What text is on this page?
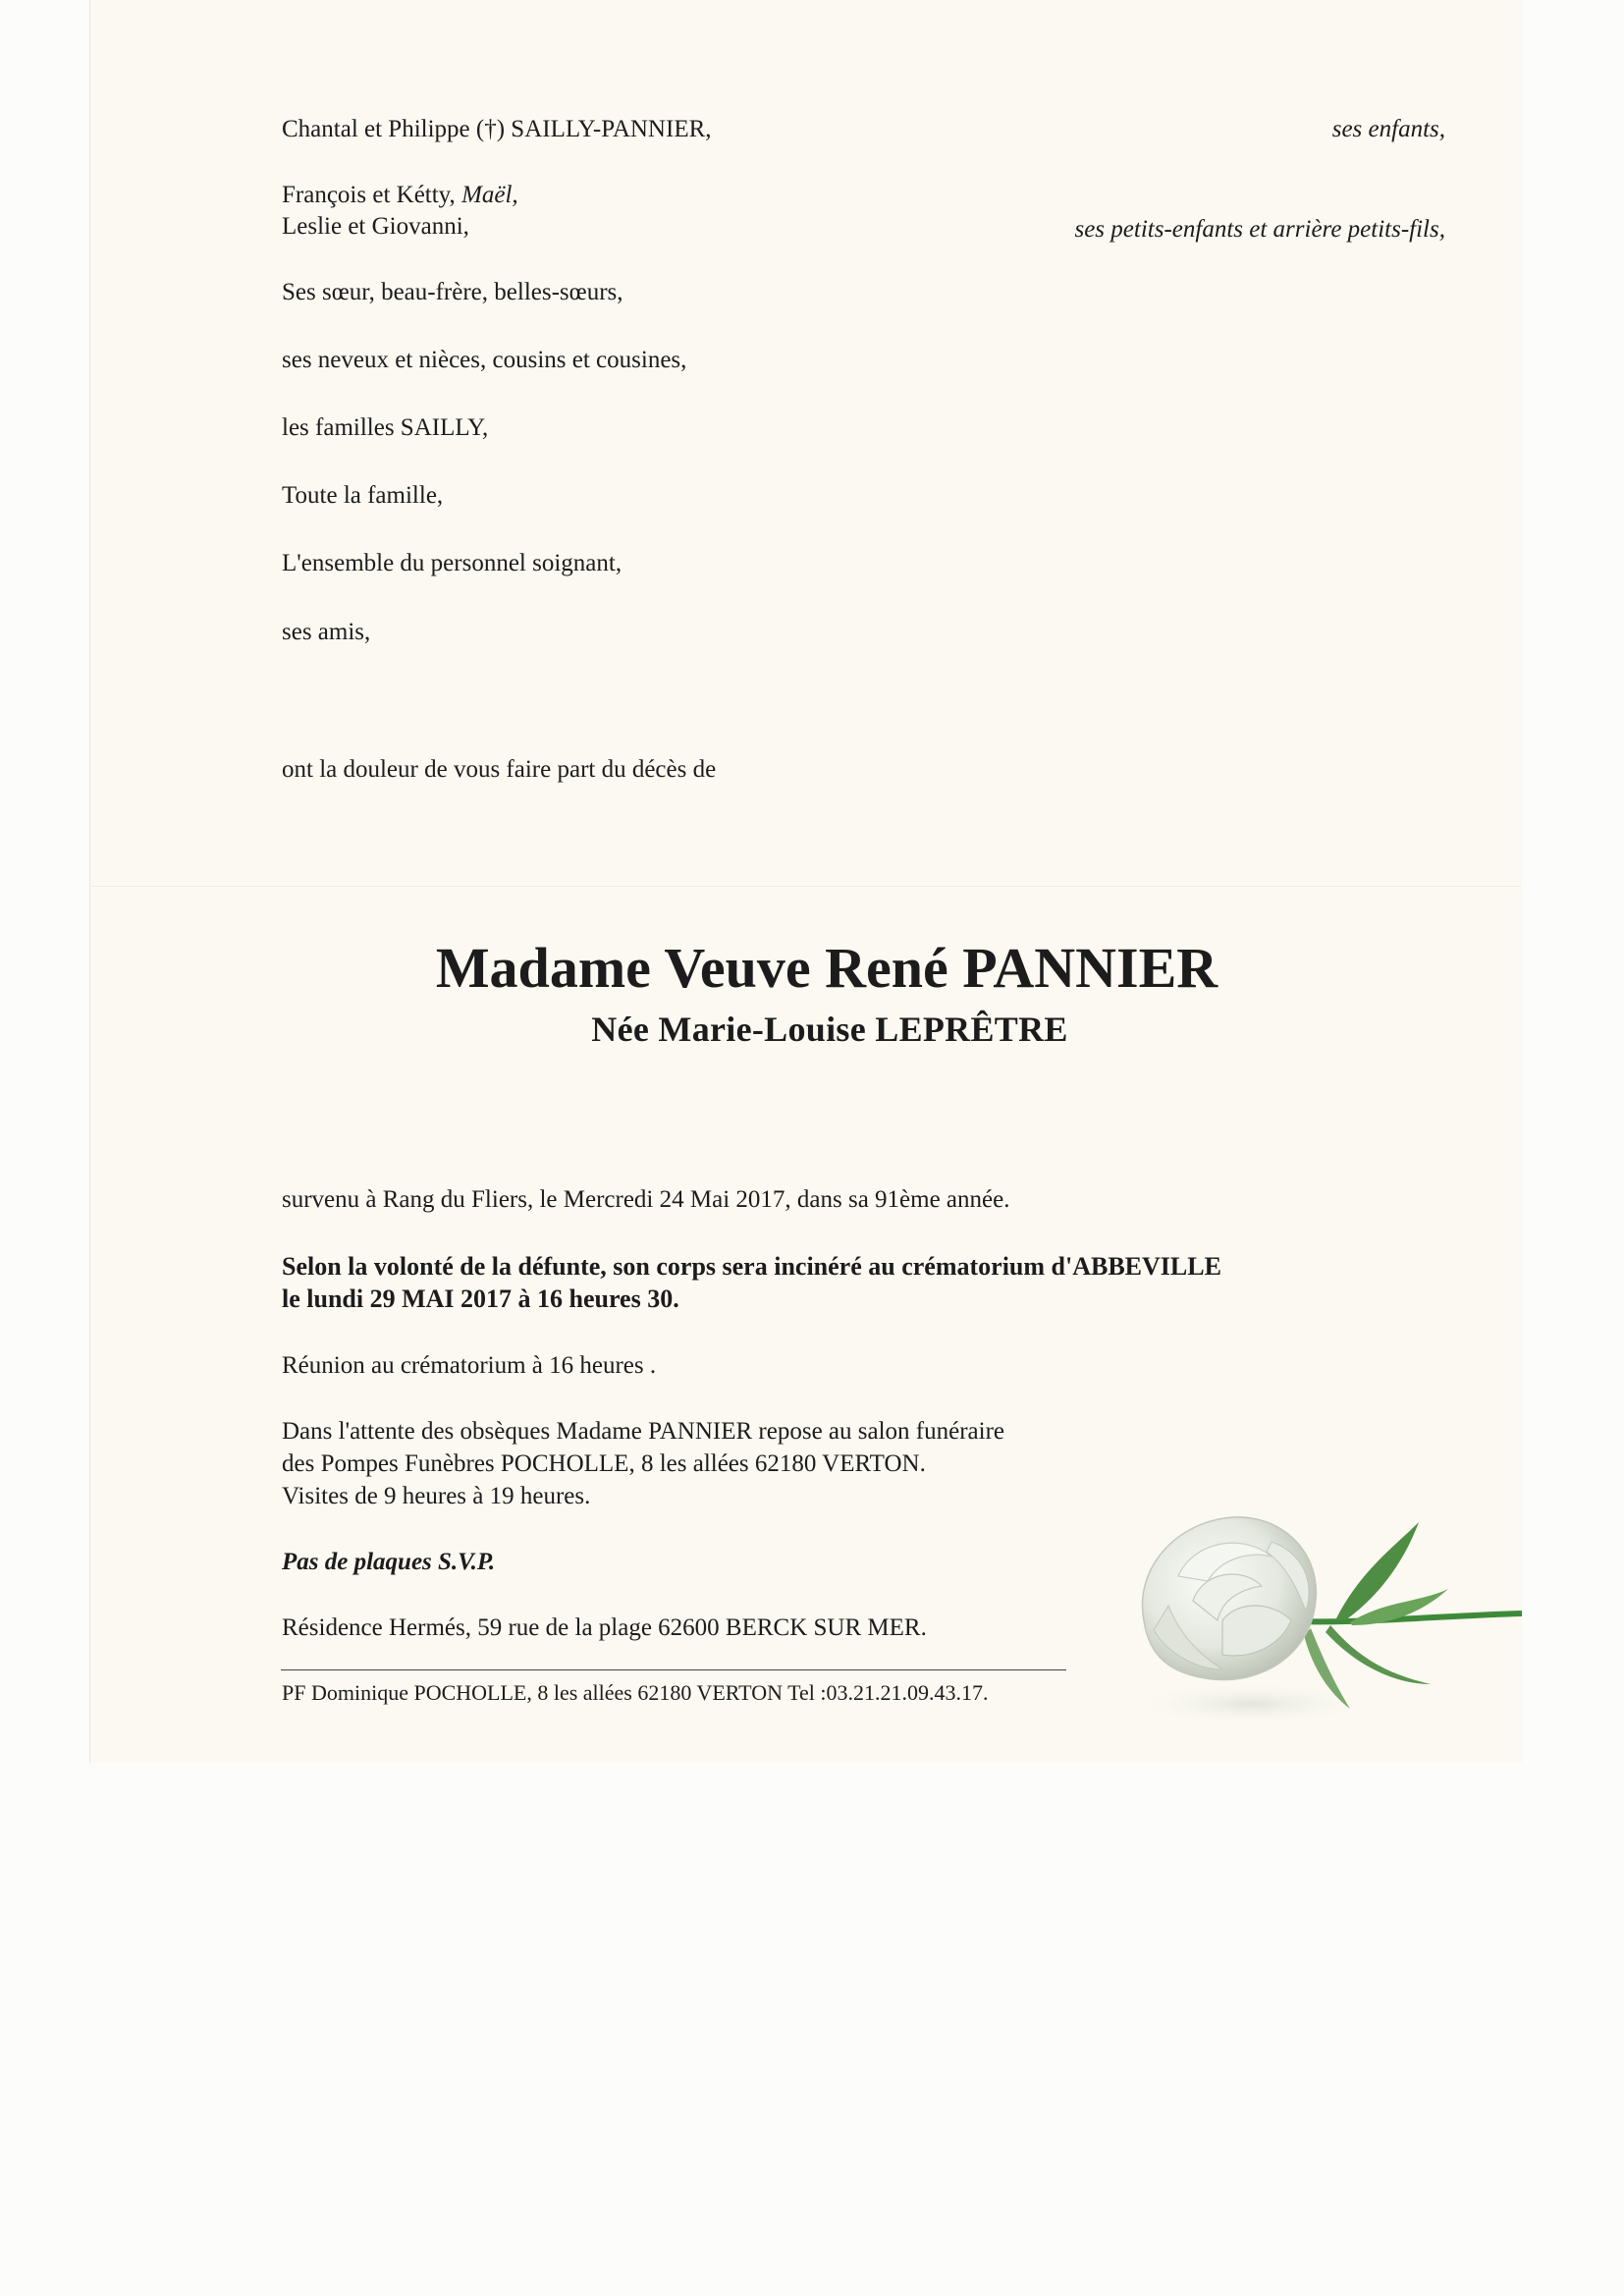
Chantal et Philippe (†) SAILLY-PANNIER,	ses enfants,
François et Kétty, Maël,
Leslie et Giovanni,	ses petits-enfants et arrière petits-fils,
Ses sœur, beau-frère, belles-sœurs,
ses neveux et nièces, cousins et cousines,
les familles SAILLY,
Toute la famille,
L'ensemble du personnel soignant,
ses amis,
ont la douleur de vous faire part du décès de
Madame Veuve René PANNIER
Née Marie-Louise LEPRÊTRE
survenu à Rang du Fliers, le Mercredi 24 Mai 2017, dans sa 91ème année.
Selon la volonté de la défunte, son corps sera incinéré au crématorium d'ABBEVILLE
le lundi 29 MAI 2017 à 16 heures 30.
Réunion au crématorium à 16 heures .
Dans l'attente des obsèques Madame PANNIER repose au salon funéraire
des Pompes Funèbres POCHOLLE, 8 les allées 62180 VERTON.
Visites de 9 heures à 19 heures.
Pas de plaques S.V.P.
Résidence Hermés, 59 rue de la plage 62600 BERCK SUR MER.
PF Dominique POCHOLLE, 8 les allées 62180 VERTON Tel :03.21.21.09.43.17.
